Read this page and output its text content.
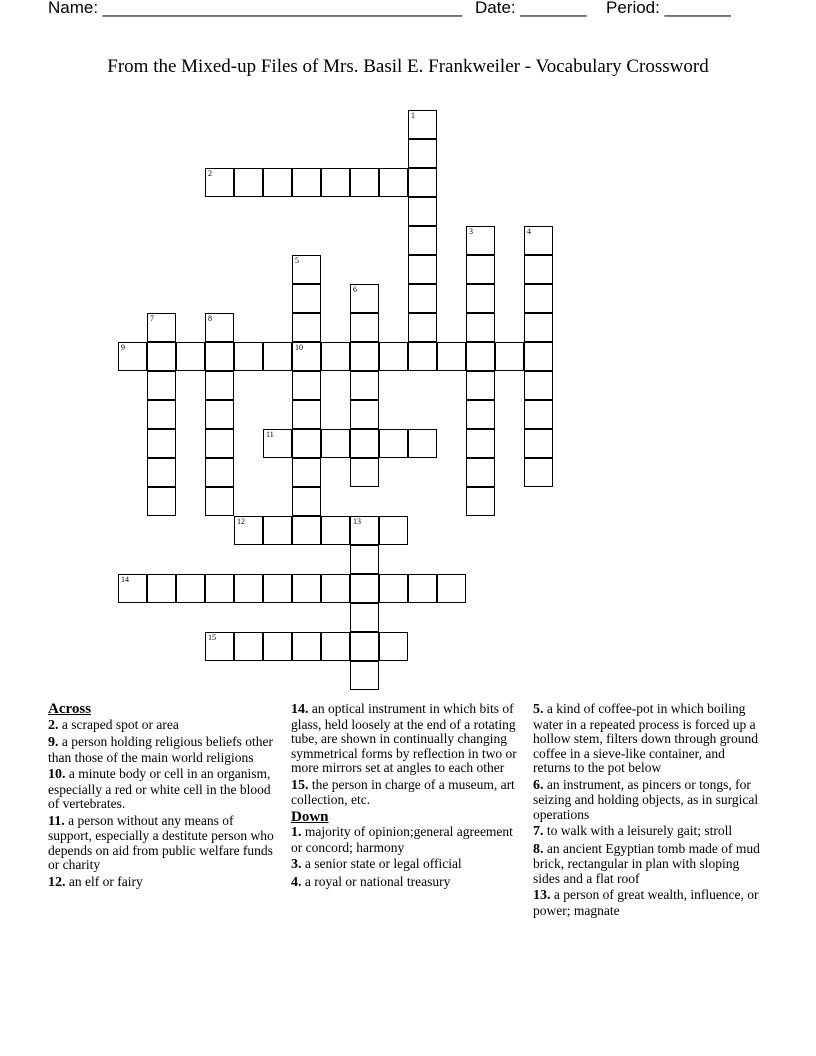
Name: ______________________________________ Date: _______ Period: _______
From the Mixed-up Files of Mrs. Basil E. Frankweiler - Vocabulary Crossword
1
2
3	4
5
10
6
7	8
9
11
12	13
14
15
Across
2. a scraped spot or area
9. a person holding religious beliefs other than those of the main world religions
10. a minute body or cell in an organism, especially a red or white cell in the blood of vertebrates.
11. a person without any means of support, especially a destitute person who depends on aid from public welfare funds or charity
12. an elf or fairy
14. an optical instrument in which bits of glass, held loosely at the end of a rotating tube, are shown in continually changing symmetrical forms by reflection in two or more mirrors set at angles to each other
15. the person in charge of a museum, art collection, etc.
Down
1. majority of opinion;general agreement or concord; harmony
3. a senior state or legal official
4. a royal or national treasury
5. a kind of coffee-pot in which boiling water in a repeated process is forced up a hollow stem, filters down through ground coffee in a sieve-like container, and returns to the pot below
6. an instrument, as pincers or tongs, for seizing and holding objects, as in surgical operations
7. to walk with a leisurely gait; stroll
8. an ancient Egyptian tomb made of mud brick, rectangular in plan with sloping sides and a flat roof
13. a person of great wealth, influence, or power; magnate
